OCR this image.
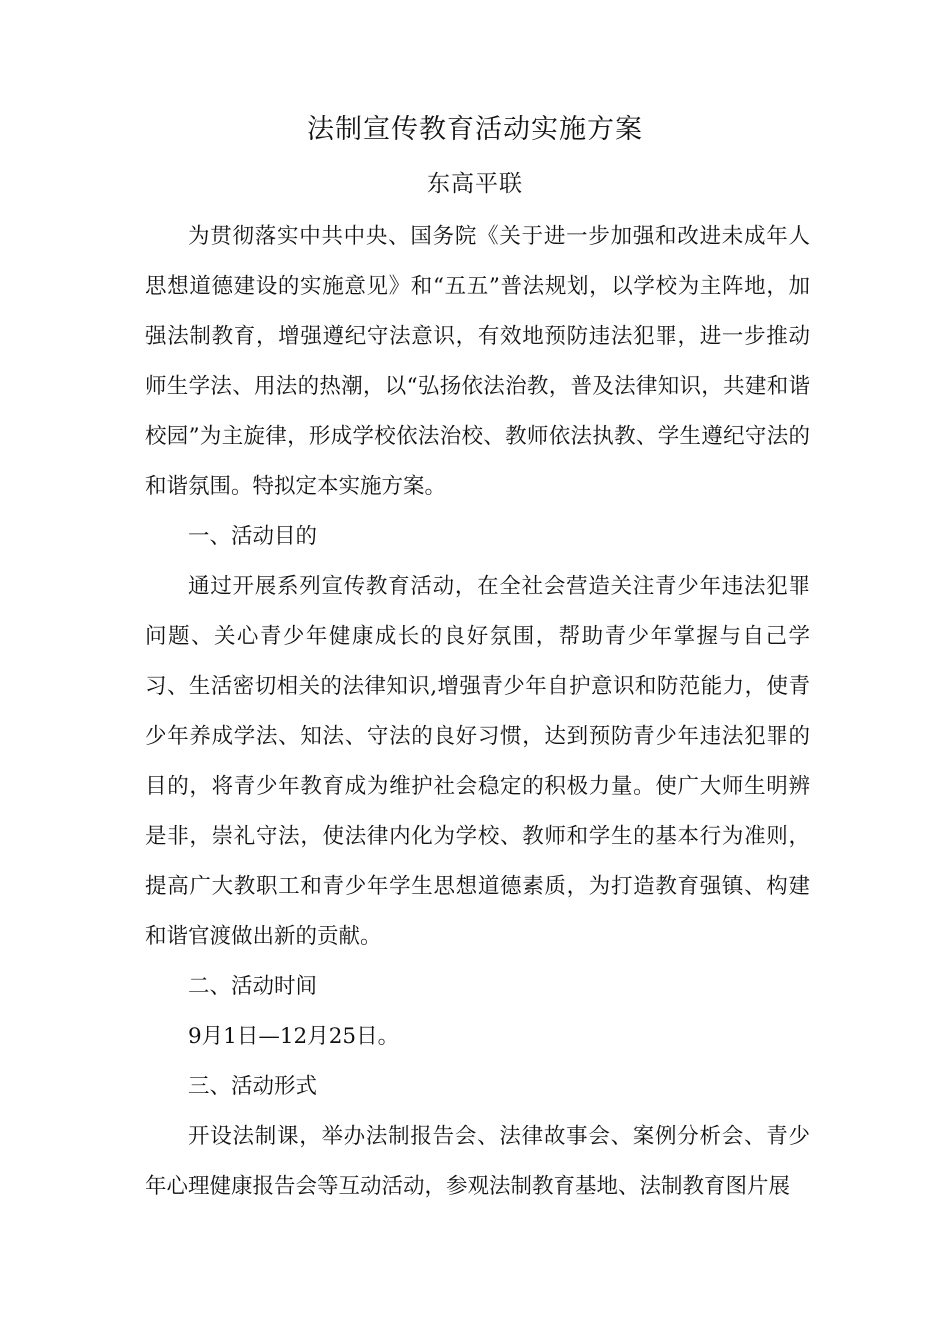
法制宣传教育活动实施方案
东高平联

为贯彻落实中共中央、国务院《关于进一步加强和改进未成年人思想道德建设的实施意见》和“五五”普法规划，以学校为主阵地，加强法制教育，增强遵纪守法意识，有效地预防违法犯罪，进一步推动师生学法、用法的热潮，以“弘扬依法治教，普及法律知识，共建和谐校园”为主旋律，形成学校依法治校、教师依法执教、学生遵纪守法的和谐氛围。特拟定本实施方案。

一、活动目的

通过开展系列宣传教育活动，在全社会营造关注青少年违法犯罪问题、关心青少年健康成长的良好氛围，帮助青少年掌握与自己学习、生活密切相关的法律知识,增强青少年自护意识和防范能力，使青少年养成学法、知法、守法的良好习惯，达到预防青少年违法犯罪的目的，将青少年教育成为维护社会稳定的积极力量。使广大师生明辨是非，崇礼守法，使法律内化为学校、教师和学生的基本行为准则，提高广大教职工和青少年学生思想道德素质，为打造教育强镇、构建和谐官渡做出新的贡献。

二、活动时间

9月1日—12月25日。

三、活动形式

开设法制课，举办法制报告会、法律故事会、案例分析会、青少年心理健康报告会等互动活动，参观法制教育基地、法制教育图片展
